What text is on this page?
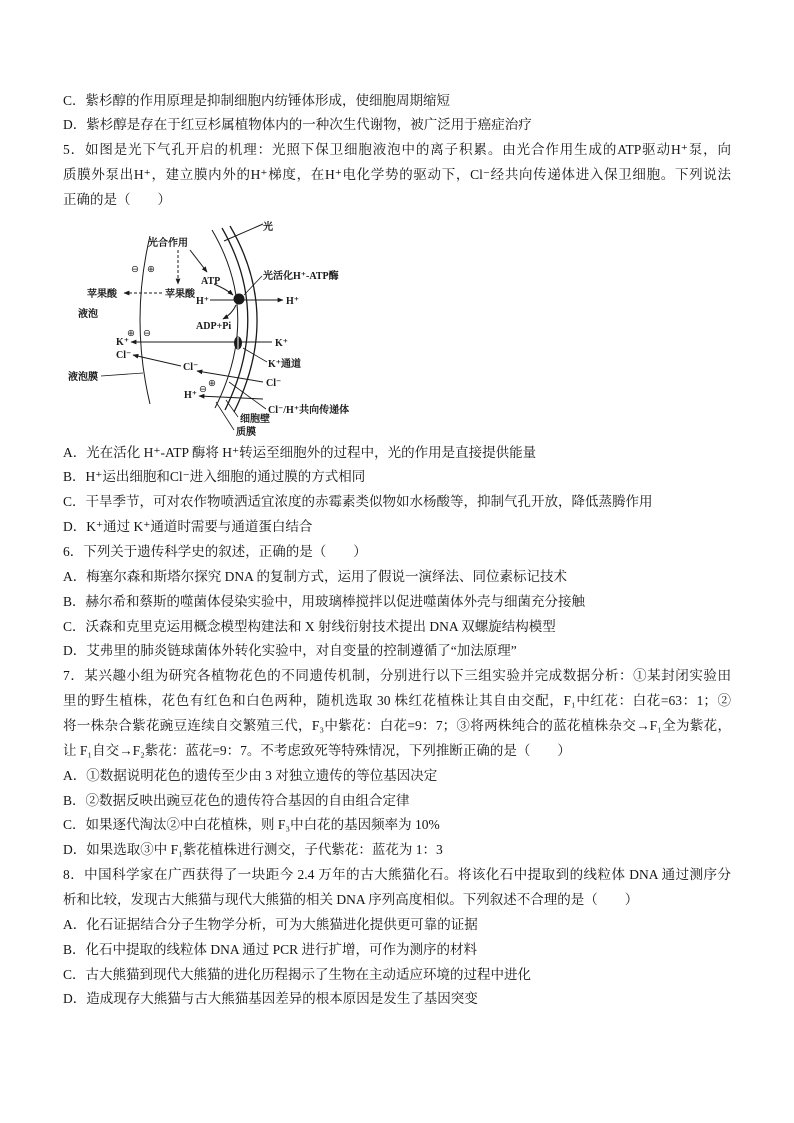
C．紫杉醇的作用原理是抑制细胞内纺锤体形成，使细胞周期缩短
D．紫杉醇是存在于红豆杉属植物体内的一种次生代谢物，被广泛用于癌症治疗
5．如图是光下气孔开启的机理：光照下保卫细胞液泡中的离子积累。由光合作用生成的ATP驱动H⁺泵，向
质膜外泵出H⁺，建立膜内外的H⁺梯度，在H⁺电化学势的驱动下，Cl⁻经共向传递体进入保卫细胞。下列说法
正确的是（　　）
光
光合作用
⊖ ⊕
ATP	光活化H⁺-ATP酶
苹果酸	苹果酸
H⁺	H⁺
液泡
ADP+Pi
⊕ ⊖
K⁺	K⁺
Cl⁻
K⁺通道
液泡膜
Cl⁻
Cl⁻
H⁺
⊕
⊖
Cl⁻/H⁺共向传递体
细胞壁
质膜
A．光在活化 H⁺-ATP 酶将 H⁺转运至细胞外的过程中，光的作用是直接提供能量
B．H⁺运出细胞和Cl⁻进入细胞的通过膜的方式相同
C．干旱季节，可对农作物喷洒适宜浓度的赤霉素类似物如水杨酸等，抑制气孔开放，降低蒸腾作用
D．K⁺通过 K⁺通道时需要与通道蛋白结合
6．下列关于遗传科学史的叙述，正确的是（　　）
A．梅塞尔森和斯塔尔探究 DNA 的复制方式，运用了假说一演绎法、同位素标记技术
B．赫尔希和蔡斯的噬菌体侵染实验中，用玻璃棒搅拌以促进噬菌体外壳与细菌充分接触
C．沃森和克里克运用概念模型构建法和 X 射线衍射技术提出 DNA 双螺旋结构模型
D．艾弗里的肺炎链球菌体外转化实验中，对自变量的控制遵循了“加法原理”
7．某兴趣小组为研究各植物花色的不同遗传机制，分别进行以下三组实验并完成数据分析：①某封闭实验田
里的野生植株，花色有红色和白色两种，随机选取 30 株红花植株让其自由交配，F₁中红花：白花=63：1；②
将一株杂合紫花豌豆连续自交繁殖三代，F₃中紫花：白花=9：7；③将两株纯合的蓝花植株杂交→F₁全为紫花，
让 F₁自交→F₂紫花：蓝花=9：7。不考虑致死等特殊情况，下列推断正确的是（　　）
A．①数据说明花色的遗传至少由 3 对独立遗传的等位基因决定
B．②数据反映出豌豆花色的遗传符合基因的自由组合定律
C．如果逐代淘汰②中白花植株，则 F₃中白花的基因频率为 10%
D．如果选取③中 F₁紫花植株进行测交，子代紫花：蓝花为 1：3
8．中国科学家在广西获得了一块距今 2.4 万年的古大熊猫化石。将该化石中提取到的线粒体 DNA 通过测序分
析和比较，发现古大熊猫与现代大熊猫的相关 DNA 序列高度相似。下列叙述不合理的是（　　）
A．化石证据结合分子生物学分析，可为大熊猫进化提供更可靠的证据
B．化石中提取的线粒体 DNA 通过 PCR 进行扩增，可作为测序的材料
C．古大熊猫到现代大熊猫的进化历程揭示了生物在主动适应环境的过程中进化
D．造成现存大熊猫与古大熊猫基因差异的根本原因是发生了基因突变
